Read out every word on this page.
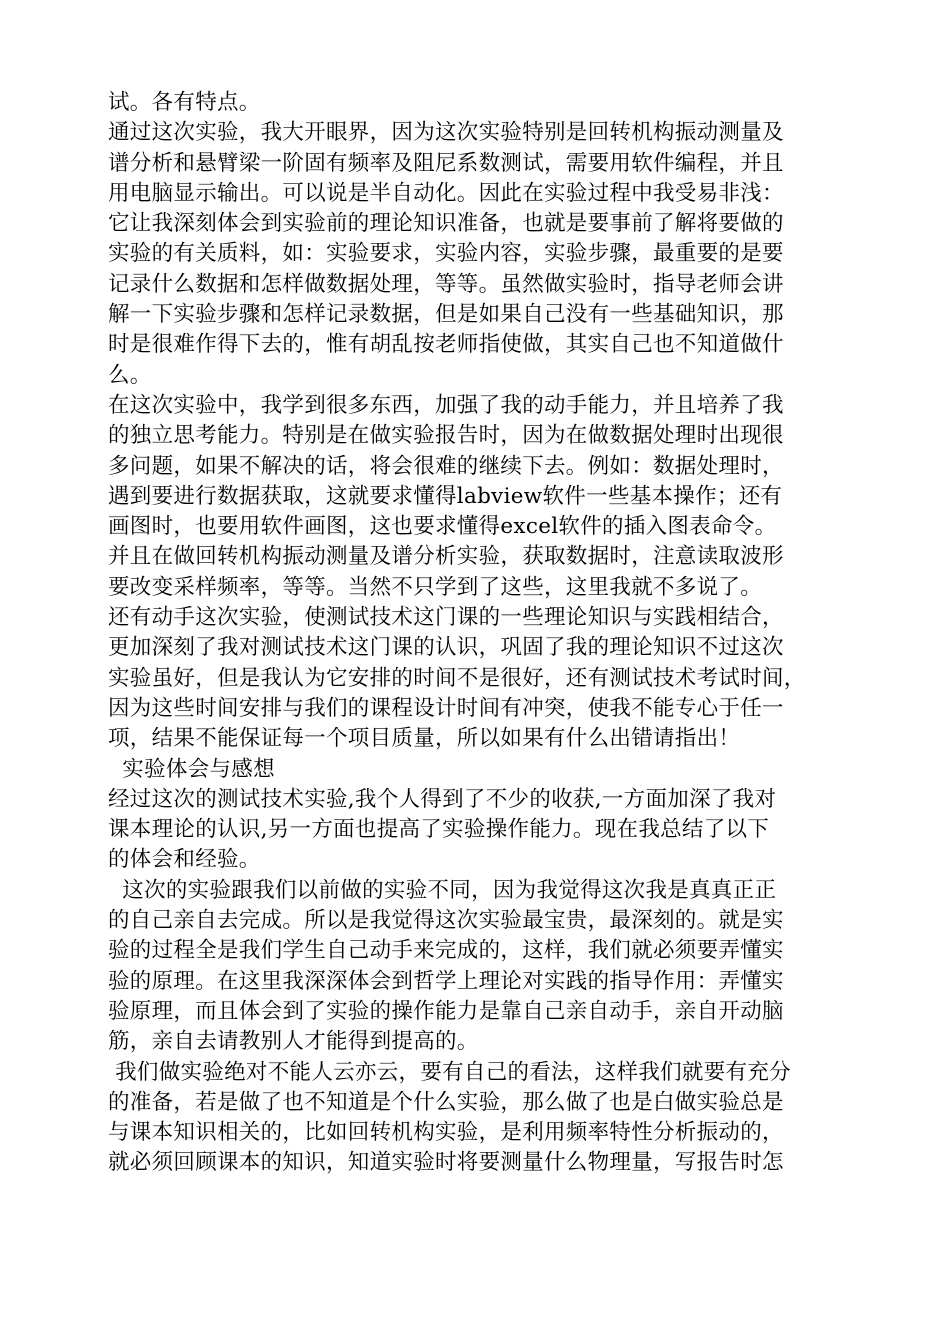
试。各有特点。
通过这次实验，我大开眼界，因为这次实验特别是回转机构振动测量及
谱分析和悬臂梁一阶固有频率及阻尼系数测试，需要用软件编程，并且
用电脑显示输出。可以说是半自动化。因此在实验过程中我受易非浅：
它让我深刻体会到实验前的理论知识准备，也就是要事前了解将要做的
实验的有关质料，如：实验要求，实验内容，实验步骤，最重要的是要
记录什么数据和怎样做数据处理，等等。虽然做实验时，指导老师会讲
解一下实验步骤和怎样记录数据，但是如果自己没有一些基础知识，那
时是很难作得下去的，惟有胡乱按老师指使做，其实自己也不知道做什
么。
在这次实验中，我学到很多东西，加强了我的动手能力，并且培养了我
的独立思考能力。特别是在做实验报告时，因为在做数据处理时出现很
多问题，如果不解决的话，将会很难的继续下去。例如：数据处理时，
遇到要进行数据获取，这就要求懂得labview软件一些基本操作；还有
画图时，也要用软件画图，这也要求懂得excel软件的插入图表命令。
并且在做回转机构振动测量及谱分析实验，获取数据时，注意读取波形
要改变采样频率，等等。当然不只学到了这些，这里我就不多说了。
还有动手这次实验，使测试技术这门课的一些理论知识与实践相结合，
更加深刻了我对测试技术这门课的认识，巩固了我的理论知识不过这次
实验虽好，但是我认为它安排的时间不是很好，还有测试技术考试时间，
因为这些时间安排与我们的课程设计时间有冲突，使我不能专心于任一
项，结果不能保证每一个项目质量，所以如果有什么出错请指出！
实验体会与感想
经过这次的测试技术实验,我个人得到了不少的收获,一方面加深了我对
课本理论的认识,另一方面也提高了实验操作能力。现在我总结了以下
的体会和经验。
这次的实验跟我们以前做的实验不同，因为我觉得这次我是真真正正
的自己亲自去完成。所以是我觉得这次实验最宝贵，最深刻的。就是实
验的过程全是我们学生自己动手来完成的，这样，我们就必须要弄懂实
验的原理。在这里我深深体会到哲学上理论对实践的指导作用：弄懂实
验原理，而且体会到了实验的操作能力是靠自己亲自动手，亲自开动脑
筋，亲自去请教别人才能得到提高的。
我们做实验绝对不能人云亦云，要有自己的看法，这样我们就要有充分
的准备，若是做了也不知道是个什么实验，那么做了也是白做实验总是
与课本知识相关的，比如回转机构实验，是利用频率特性分析振动的，
就必须回顾课本的知识，知道实验时将要测量什么物理量，写报告时怎
